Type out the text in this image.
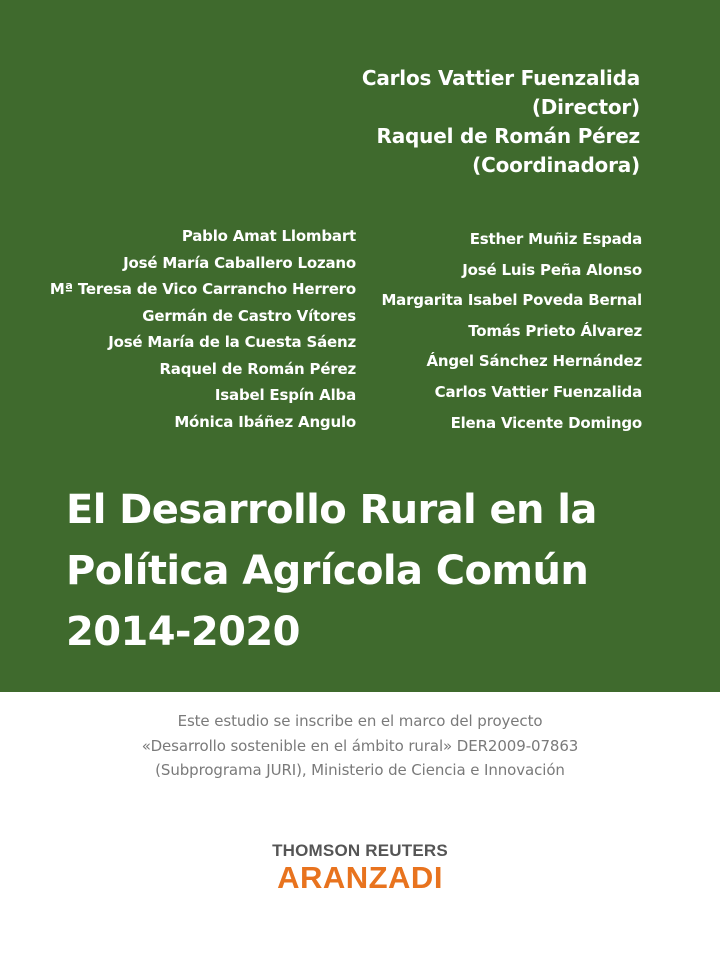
Carlos Vattier Fuenzalida
(Director)
Raquel de Román Pérez
(Coordinadora)
Pablo Amat Llombart
José María Caballero Lozano
Mª Teresa de Vico Carrancho Herrero
Germán de Castro Vítores
José María de la Cuesta Sáenz
Raquel de Román Pérez
Isabel Espín Alba
Mónica Ibáñez Angulo
Esther Muñiz Espada
José Luis Peña Alonso
Margarita Isabel Poveda Bernal
Tomás Prieto Álvarez
Ángel Sánchez Hernández
Carlos Vattier Fuenzalida
Elena Vicente Domingo
El Desarrollo Rural en la
Política Agrícola Común
2014-2020
Este estudio se inscribe en el marco del proyecto
«Desarrollo sostenible en el ámbito rural» DER2009-07863
(Subprograma JURI), Ministerio de Ciencia e Innovación
THOMSON REUTERS
ARANZADI
